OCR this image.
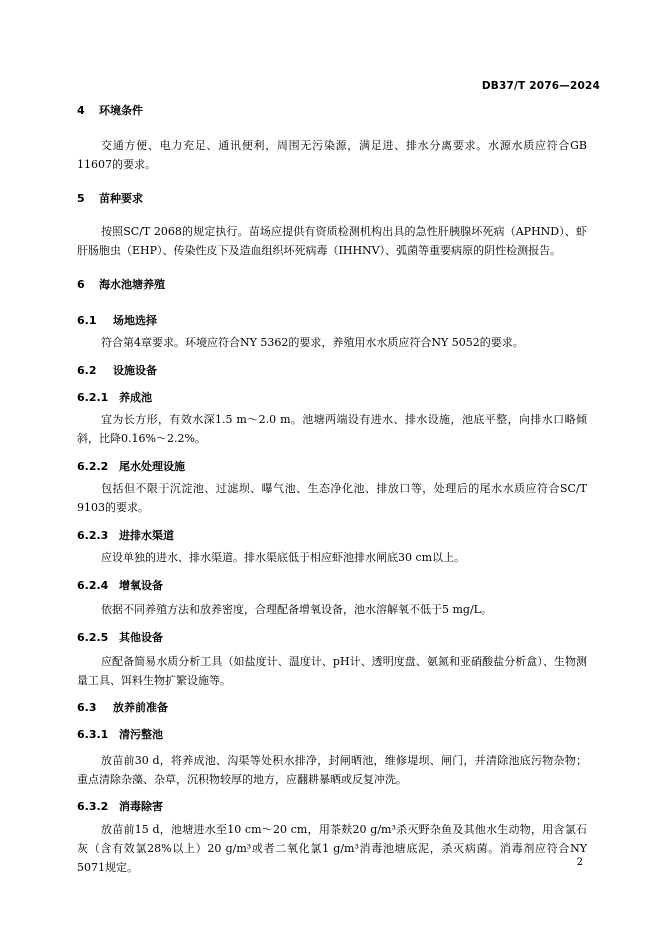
DB37/T 2076—2024
4 环境条件
交通方便、电力充足、通讯便利，周围无污染源，满足进、排水分离要求。水源水质应符合GB 11607的要求。
5 苗种要求
按照SC/T 2068的规定执行。苗场应提供有资质检测机构出具的急性肝胰腺坏死病（APHND）、虾肝肠胞虫（EHP）、传染性皮下及造血组织坏死病毒（IHHNV）、弧菌等重要病原的阴性检测报告。
6 海水池塘养殖
6.1 场地选择
符合第4章要求。环境应符合NY 5362的要求，养殖用水水质应符合NY 5052的要求。
6.2 设施设备
6.2.1 养成池
宜为长方形，有效水深1.5 m～2.0 m。池塘两端设有进水、排水设施，池底平整，向排水口略倾斜，比降0.16%～2.2%。
6.2.2 尾水处理设施
包括但不限于沉淀池、过滤坝、曝气池、生态净化池、排放口等，处理后的尾水水质应符合SC/T 9103的要求。
6.2.3 进排水渠道
应设单独的进水、排水渠道。排水渠底低于相应虾池排水闸底30 cm以上。
6.2.4 增氧设备
依据不同养殖方法和放养密度，合理配备增氧设备，池水溶解氧不低于5 mg/L。
6.2.5 其他设备
应配备简易水质分析工具（如盐度计、温度计、pH计、透明度盘、氨氮和亚硝酸盐分析盒）、生物测量工具、饵料生物扩繁设施等。
6.3 放养前准备
6.3.1 清污整池
放苗前30 d，将养成池、沟渠等处积水排净，封闸晒池，维修堤坝、闸门，并清除池底污物杂物；重点清除杂藻、杂草，沉积物较厚的地方，应翻耕暴晒或反复冲洗。
6.3.2 消毒除害
放苗前15 d，池塘进水至10 cm～20 cm，用茶麸20 g/m³杀灭野杂鱼及其他水生动物，用含氯石灰（含有效氯28%以上）20 g/m³或者二氧化氯1 g/m³消毒池塘底泥，杀灭病菌。消毒剂应符合NY 5071规定。	2
